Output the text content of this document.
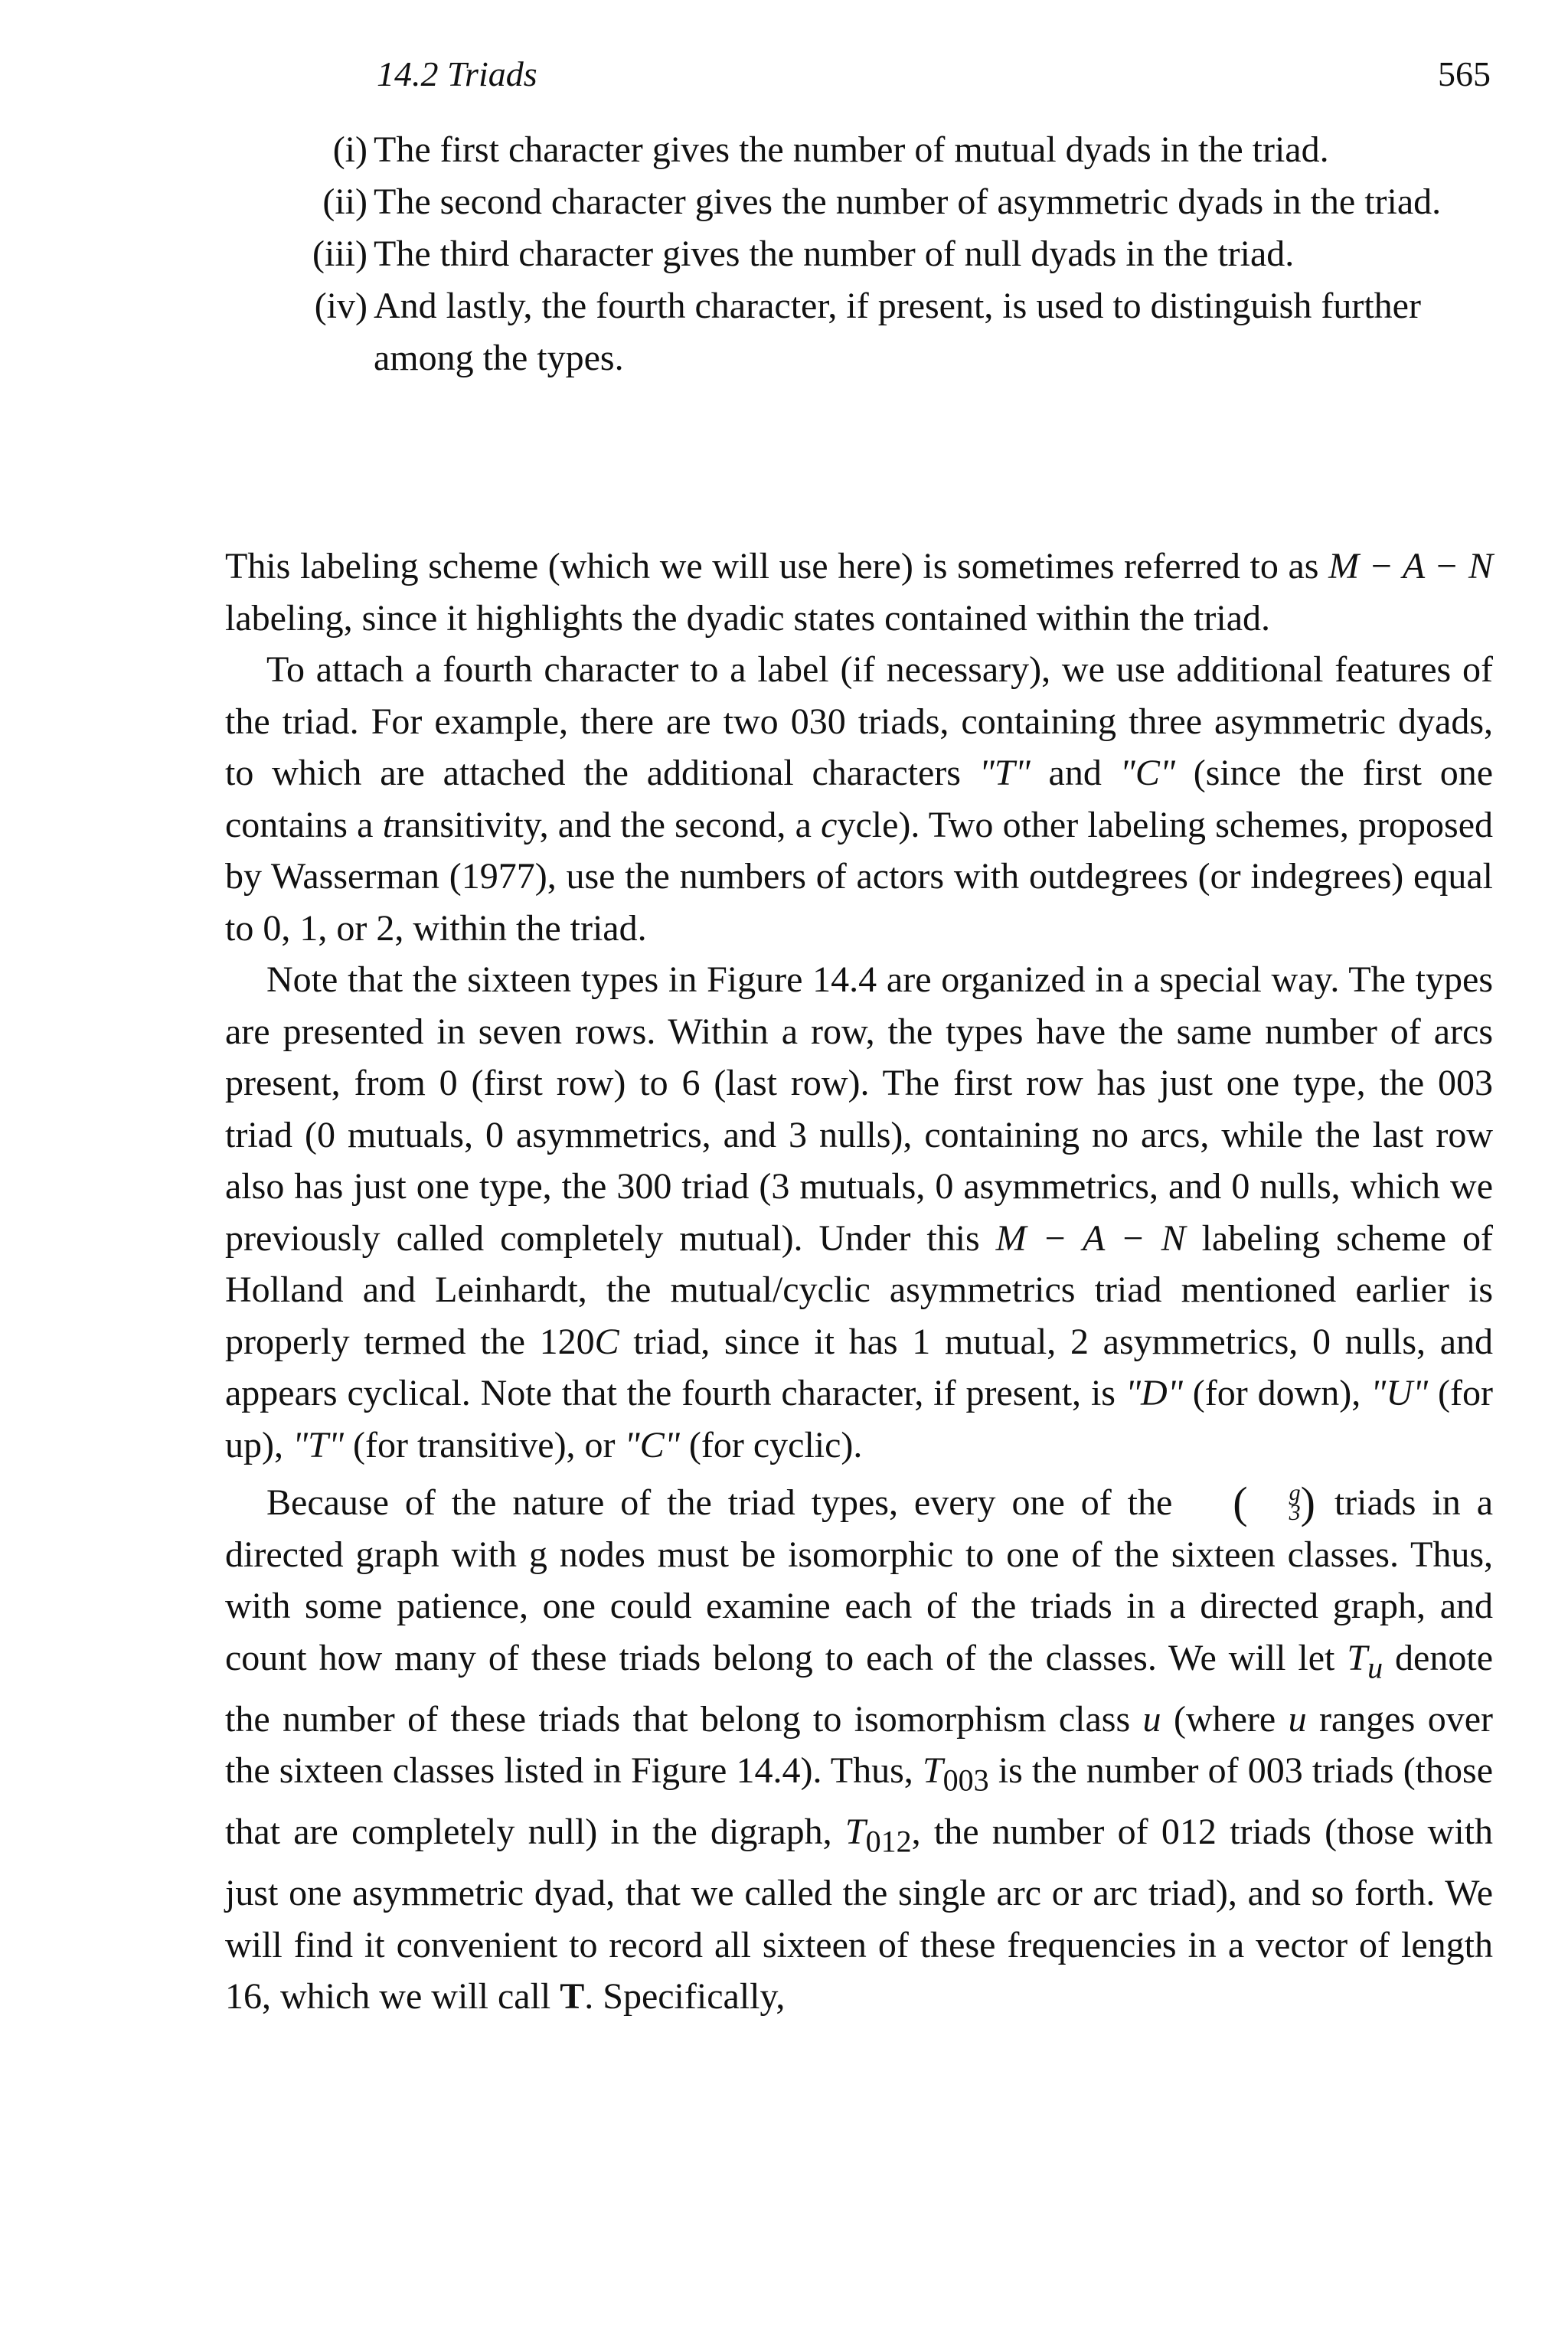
14.2 Triads	565
(i) The first character gives the number of mutual dyads in the triad.
(ii) The second character gives the number of asymmetric dyads in the triad.
(iii) The third character gives the number of null dyads in the triad.
(iv) And lastly, the fourth character, if present, is used to distinguish further among the types.

This labeling scheme (which we will use here) is sometimes referred to as M − A − N labeling, since it highlights the dyadic states contained within the triad.

To attach a fourth character to a label (if necessary), we use additional features of the triad. For example, there are two 030 triads, containing three asymmetric dyads, to which are attached the additional characters "T" and "C" (since the first one contains a transitivity, and the second, a cycle). Two other labeling schemes, proposed by Wasserman (1977), use the numbers of actors with outdegrees (or indegrees) equal to 0, 1, or 2, within the triad.

Note that the sixteen types in Figure 14.4 are organized in a special way. The types are presented in seven rows. Within a row, the types have the same number of arcs present, from 0 (first row) to 6 (last row). The first row has just one type, the 003 triad (0 mutuals, 0 asymmetrics, and 3 nulls), containing no arcs, while the last row also has just one type, the 300 triad (3 mutuals, 0 asymmetrics, and 0 nulls, which we previously called completely mutual). Under this M − A − N labeling scheme of Holland and Leinhardt, the mutual/cyclic asymmetrics triad mentioned earlier is properly termed the 120C triad, since it has 1 mutual, 2 asymmetrics, 0 nulls, and appears cyclical. Note that the fourth character, if present, is "D" (for down), "U" (for up), "T" (for transitive), or "C" (for cyclic).

Because of the nature of the triad types, every one of the (	g
3 ) triads in a directed graph with g nodes must be isomorphic to one of the sixteen classes. Thus, with some patience, one could examine each of the triads in a directed graph, and count how many of these triads belong to each of the classes. We will let $T_u$ denote the number of these triads that belong to isomorphism class u (where u ranges over the sixteen classes listed in Figure 14.4). Thus, $T_{003}$ is the number of 003 triads (those that are completely null) in the digraph, $T_{012}$, the number of 012 triads (those with just one asymmetric dyad, that we called the single arc or arc triad), and so forth. We will find it convenient to record all sixteen of these frequencies in a vector of length 16, which we will call T. Specifically,
